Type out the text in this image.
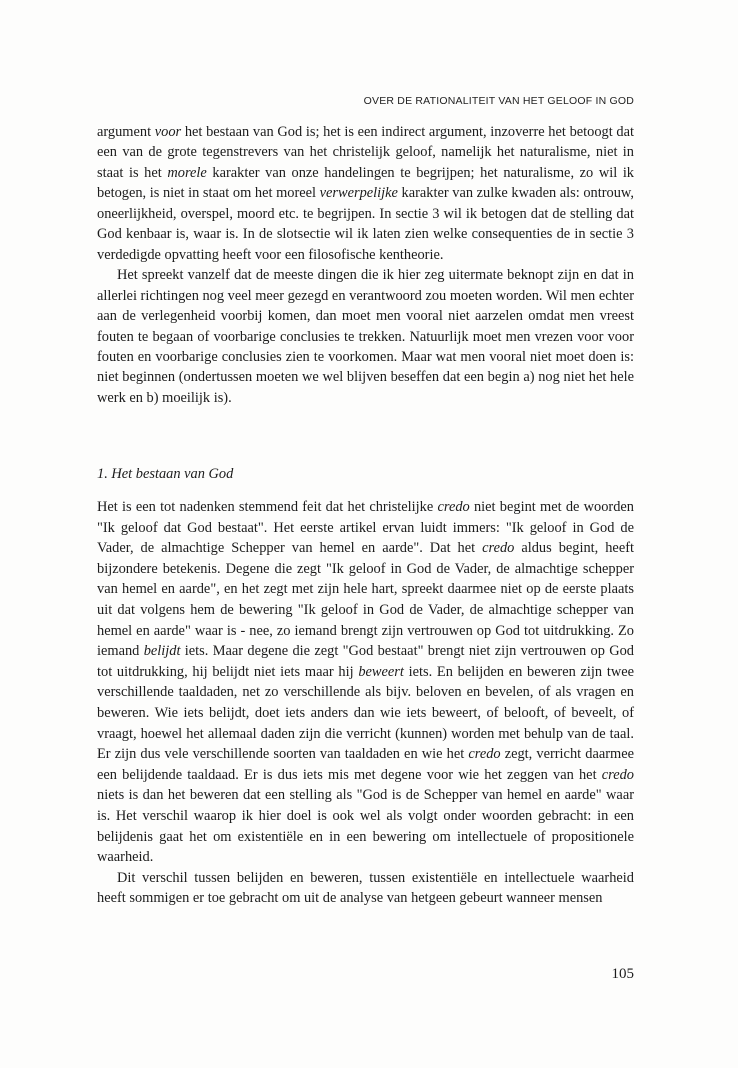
OVER DE RATIONALITEIT VAN HET GELOOF IN GOD

argument voor het bestaan van God is; het is een indirect argument, inzoverre het betoogt dat een van de grote tegenstrevers van het christelijk geloof, namelijk het naturalisme, niet in staat is het morele karakter van onze handelingen te begrijpen; het naturalisme, zo wil ik betogen, is niet in staat om het moreel verwerpelijke karakter van zulke kwaden als: ontrouw, oneerlijkheid, overspel, moord etc. te begrijpen. In sectie 3 wil ik betogen dat de stelling dat God kenbaar is, waar is. In de slotsectie wil ik laten zien welke consequenties de in sectie 3 verdedigde opvatting heeft voor een filosofische kentheorie.

Het spreekt vanzelf dat de meeste dingen die ik hier zeg uitermate beknopt zijn en dat in allerlei richtingen nog veel meer gezegd en verantwoord zou moeten worden. Wil men echter aan de verlegenheid voorbij komen, dan moet men vooral niet aarzelen omdat men vreest fouten te begaan of voorbarige conclusies te trekken. Natuurlijk moet men vrezen voor voor fouten en voorbarige conclusies zien te voorkomen. Maar wat men vooral niet moet doen is: niet beginnen (ondertussen moeten we wel blijven beseffen dat een begin a) nog niet het hele werk en b) moeilijk is).

1. Het bestaan van God

Het is een tot nadenken stemmend feit dat het christelijke credo niet begint met de woorden "Ik geloof dat God bestaat". Het eerste artikel ervan luidt immers: "Ik geloof in God de Vader, de almachtige Schepper van hemel en aarde". Dat het credo aldus begint, heeft bijzondere betekenis. Degene die zegt "Ik geloof in God de Vader, de almachtige schepper van hemel en aarde", en het zegt met zijn hele hart, spreekt daarmee niet op de eerste plaats uit dat volgens hem de bewering "Ik geloof in God de Vader, de almachtige schepper van hemel en aarde" waar is - nee, zo iemand brengt zijn vertrouwen op God tot uitdrukking. Zo iemand belijdt iets. Maar degene die zegt "God bestaat" brengt niet zijn vertrouwen op God tot uitdrukking, hij belijdt niet iets maar hij beweert iets. En belijden en beweren zijn twee verschillende taaldaden, net zo verschillende als bijv. beloven en bevelen, of als vragen en beweren. Wie iets belijdt, doet iets anders dan wie iets beweert, of belooft, of beveelt, of vraagt, hoewel het allemaal daden zijn die verricht (kunnen) worden met behulp van de taal. Er zijn dus vele verschillende soorten van taaldaden en wie het credo zegt, verricht daarmee een belijdende taaldaad. Er is dus iets mis met degene voor wie het zeggen van het credo niets is dan het beweren dat een stelling als "God is de Schepper van hemel en aarde" waar is. Het verschil waarop ik hier doel is ook wel als volgt onder woorden gebracht: in een belijdenis gaat het om existentiële en in een bewering om intellectuele of propositionele waarheid.

Dit verschil tussen belijden en beweren, tussen existentiële en intellectuele waarheid heeft sommigen er toe gebracht om uit de analyse van hetgeen gebeurt wanneer mensen

105
